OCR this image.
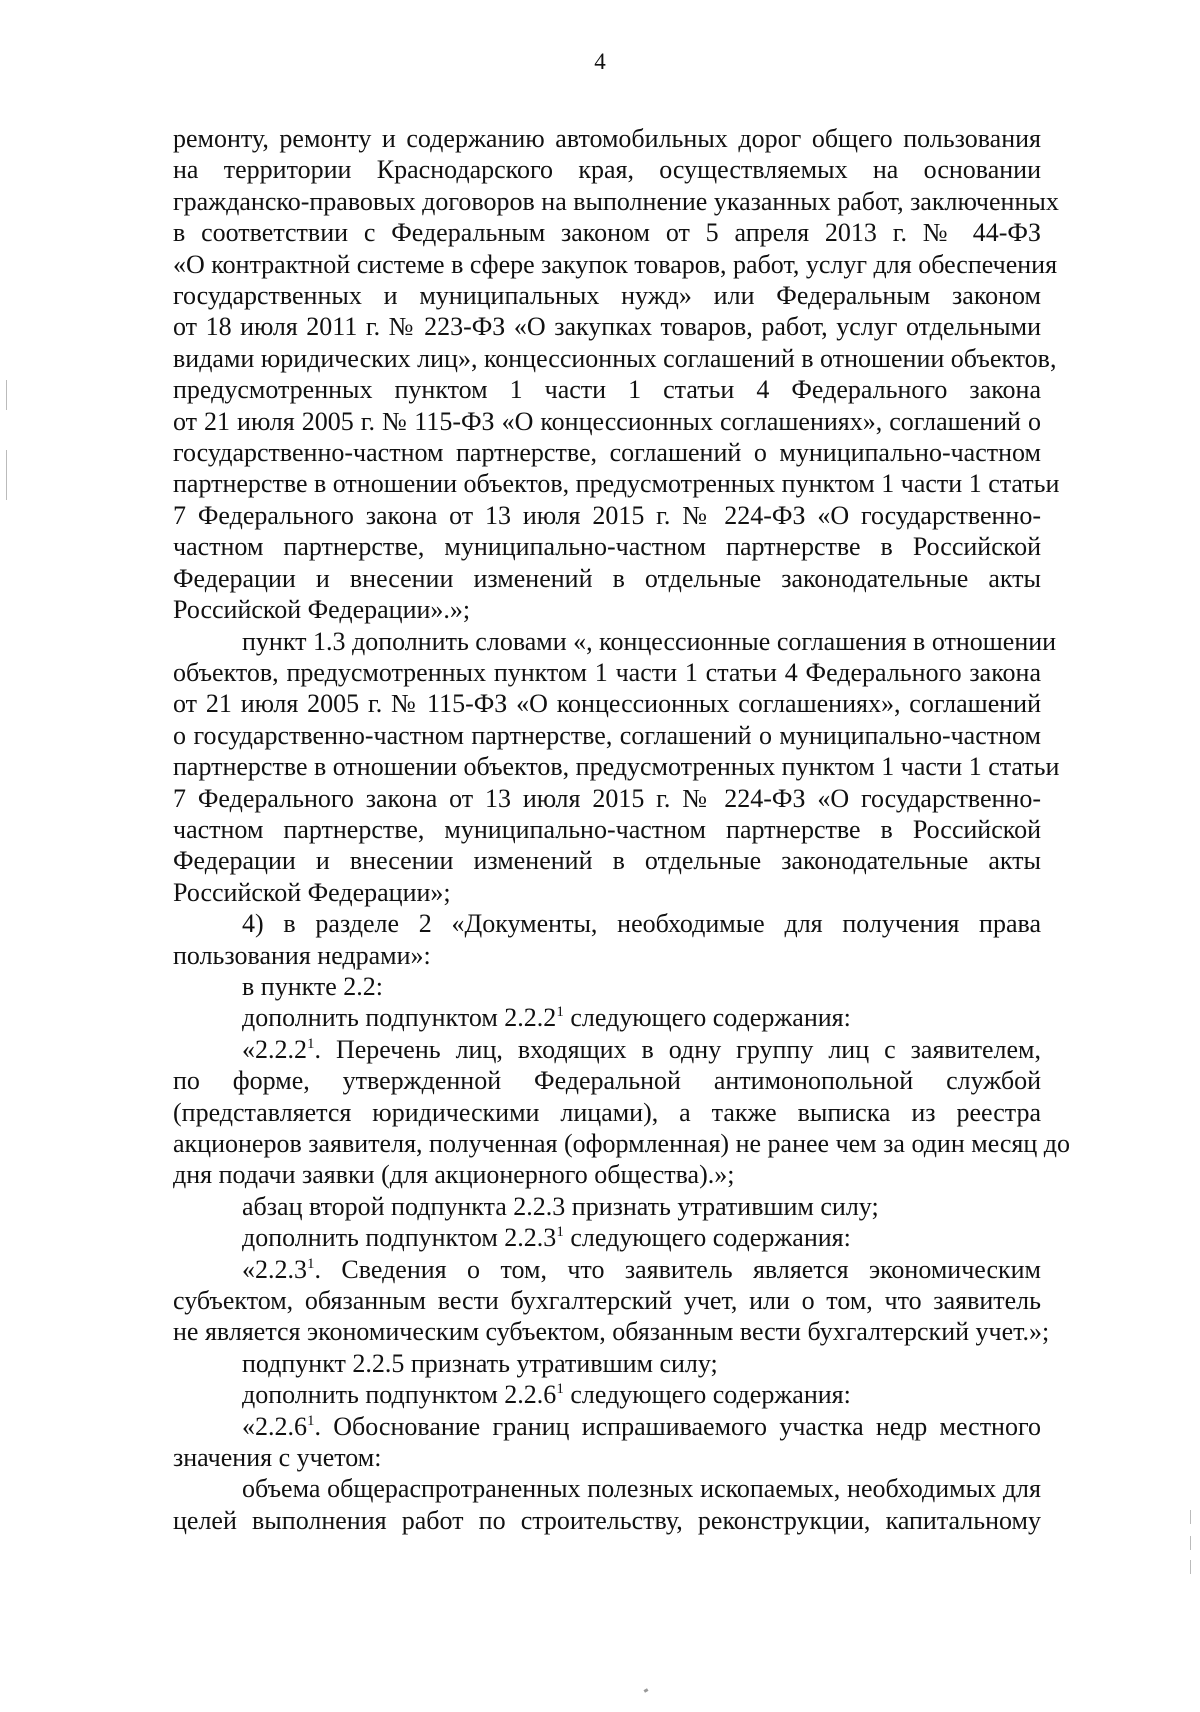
4
ремонту, ремонту и содержанию автомобильных дорог общего пользования
на территории Краснодарского края, осуществляемых на основании
гражданско-правовых договоров на выполнение указанных работ, заключенных
в соответствии с Федеральным законом от 5 апреля 2013 г. № 44-ФЗ
«О контрактной системе в сфере закупок товаров, работ, услуг для обеспечения
государственных и муниципальных нужд» или Федеральным законом
от 18 июля 2011 г. № 223-ФЗ «О закупках товаров, работ, услуг отдельными
видами юридических лиц», концессионных соглашений в отношении объектов,
предусмотренных пунктом 1 части 1 статьи 4 Федерального закона
от 21 июля 2005 г. № 115-ФЗ «О концессионных соглашениях», соглашений о
государственно-частном партнерстве, соглашений о муниципально-частном
партнерстве в отношении объектов, предусмотренных пунктом 1 части 1 статьи
7 Федерального закона от 13 июля 2015 г. № 224-ФЗ «О государственно-
частном партнерстве, муниципально-частном партнерстве в Российской
Федерации и внесении изменений в отдельные законодательные акты
Российской Федерации».»;
пункт 1.3 дополнить словами «, концессионные соглашения в отношении
объектов, предусмотренных пунктом 1 части 1 статьи 4 Федерального закона
от 21 июля 2005 г. № 115-ФЗ «О концессионных соглашениях», соглашений
о государственно-частном партнерстве, соглашений о муниципально-частном
партнерстве в отношении объектов, предусмотренных пунктом 1 части 1 статьи
7 Федерального закона от 13 июля 2015 г. № 224-ФЗ «О государственно-
частном партнерстве, муниципально-частном партнерстве в Российской
Федерации и внесении изменений в отдельные законодательные акты
Российской Федерации»;
4) в разделе 2 «Документы, необходимые для получения права
пользования недрами»:
в пункте 2.2:
дополнить подпунктом 2.2.2$^1$ следующего содержания:
«2.2.2$^1$. Перечень лиц, входящих в одну группу лиц с заявителем,
по форме, утвержденной Федеральной антимонопольной службой
(представляется юридическими лицами), а также выписка из реестра
акционеров заявителя, полученная (оформленная) не ранее чем за один месяц до
дня подачи заявки (для акционерного общества).»;
абзац второй подпункта 2.2.3 признать утратившим силу;
дополнить подпунктом 2.2.3$^1$ следующего содержания:
«2.2.3$^1$. Сведения о том, что заявитель является экономическим
субъектом, обязанным вести бухгалтерский учет, или о том, что заявитель
не является экономическим субъектом, обязанным вести бухгалтерский учет.»;
подпункт 2.2.5 признать утратившим силу;
дополнить подпунктом 2.2.6$^1$ следующего содержания:
«2.2.6$^1$. Обоснование границ испрашиваемого участка недр местного
значения с учетом:
объема общераспротраненных полезных ископаемых, необходимых для
целей выполнения работ по строительству, реконструкции, капитальному
